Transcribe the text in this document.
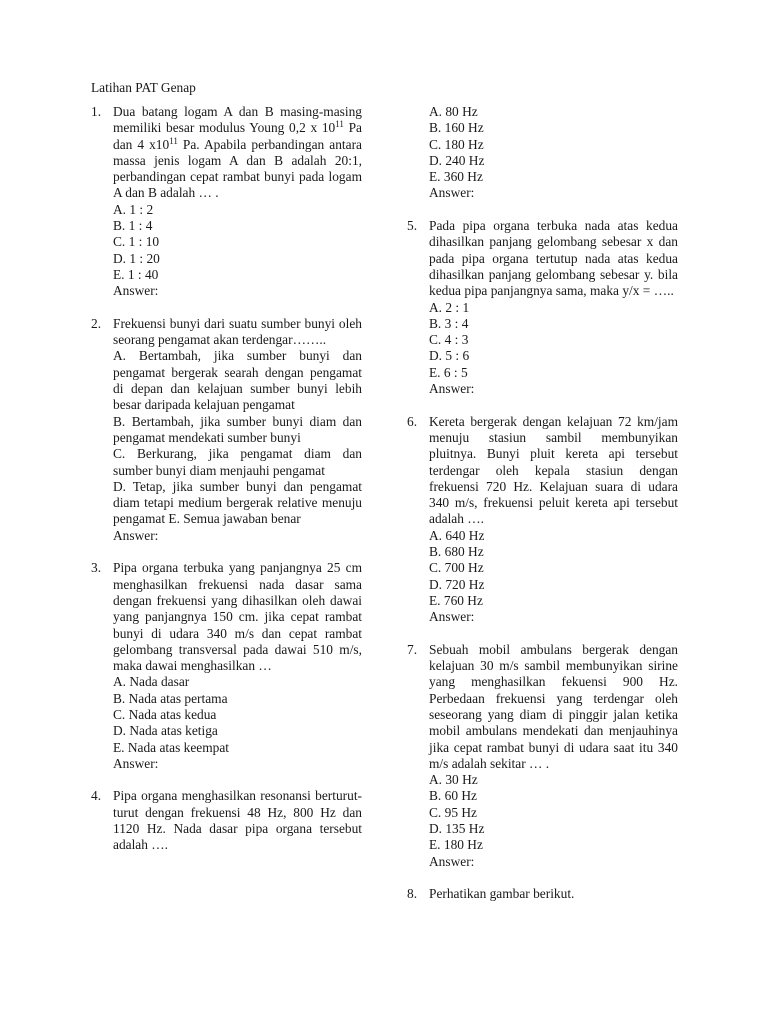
Latihan PAT Genap
1. Dua batang logam A dan B masing-masing memiliki besar modulus Young 0,2 x $10^{11}$ Pa dan 4 $x10^{11}$ Pa. Apabila perbandingan antara massa jenis logam A dan B adalah 20:1, perbandingan cepat rambat bunyi pada logam A dan B adalah … .
A. 1 : 2
B. 1 : 4
C. 1 : 10
D. 1 : 20
E. 1 : 40
Answer:
2. Frekuensi bunyi dari suatu sumber bunyi oleh seorang pengamat akan terdengar……..
A. Bertambah, jika sumber bunyi dan pengamat bergerak searah dengan pengamat di depan dan kelajuan sumber bunyi lebih besar daripada kelajuan pengamat
B. Bertambah, jika sumber bunyi diam dan pengamat mendekati sumber bunyi
C. Berkurang, jika pengamat diam dan sumber bunyi diam menjauhi pengamat
D. Tetap, jika sumber bunyi dan pengamat diam tetapi medium bergerak relative menuju pengamat E. Semua jawaban benar
Answer:
3. Pipa organa terbuka yang panjangnya 25 cm menghasilkan frekuensi nada dasar sama dengan frekuensi yang dihasilkan oleh dawai yang panjangnya 150 cm. jika cepat rambat bunyi di udara 340 m/s dan cepat rambat gelombang transversal pada dawai 510 m/s, maka dawai menghasilkan …
A. Nada dasar
B. Nada atas pertama
C. Nada atas kedua
D. Nada atas ketiga
E. Nada atas keempat
Answer:
4. Pipa organa menghasilkan resonansi berturut-turut dengan frekuensi 48 Hz, 800 Hz dan 1120 Hz. Nada dasar pipa organa tersebut adalah ….
A. 80 Hz
B. 160 Hz
C. 180 Hz
D. 240 Hz
E. 360 Hz
Answer:
5. Pada pipa organa terbuka nada atas kedua dihasilkan panjang gelombang sebesar x dan pada pipa organa tertutup nada atas kedua dihasilkan panjang gelombang sebesar y. bila kedua pipa panjangnya sama, maka y/x = …..
A. 2 : 1
B. 3 : 4
C. 4 : 3
D. 5 : 6
E. 6 : 5
Answer:
6. Kereta bergerak dengan kelajuan 72 km/jam menuju stasiun sambil membunyikan pluitnya. Bunyi pluit kereta api tersebut terdengar oleh kepala stasiun dengan frekuensi 720 Hz. Kelajuan suara di udara 340 m/s, frekuensi peluit kereta api tersebut adalah ….
A. 640 Hz
B. 680 Hz
C. 700 Hz
D. 720 Hz
E. 760 Hz
Answer:
7. Sebuah mobil ambulans bergerak dengan kelajuan 30 m/s sambil membunyikan sirine yang menghasilkan fekuensi 900 Hz. Perbedaan frekuensi yang terdengar oleh seseorang yang diam di pinggir jalan ketika mobil ambulans mendekati dan menjauhinya jika cepat rambat bunyi di udara saat itu 340 m/s adalah sekitar … .
A. 30 Hz
B. 60 Hz
C. 95 Hz
D. 135 Hz
E. 180 Hz
Answer:
8. Perhatikan gambar berikut.
